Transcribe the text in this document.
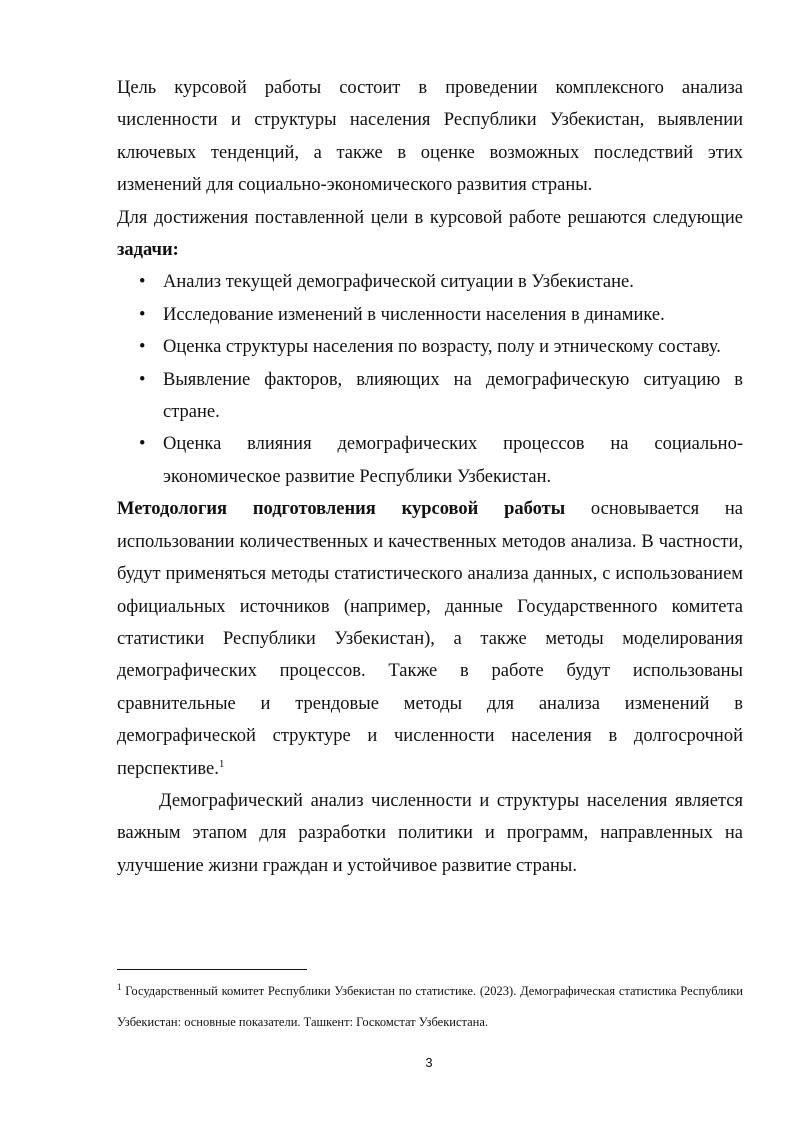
Цель курсовой работы состоит в проведении комплексного анализа численности и структуры населения Республики Узбекистан, выявлении ключевых тенденций, а также в оценке возможных последствий этих изменений для социально-экономического развития страны.

Для достижения поставленной цели в курсовой работе решаются следующие задачи:

• Анализ текущей демографической ситуации в Узбекистане.
• Исследование изменений в численности населения в динамике.
• Оценка структуры населения по возрасту, полу и этническому составу.
• Выявление факторов, влияющих на демографическую ситуацию в стране.
• Оценка влияния демографических процессов на социально-экономическое развитие Республики Узбекистан.

Методология подготовления курсовой работы основывается на использовании количественных и качественных методов анализа. В частности, будут применяться методы статистического анализа данных, с использованием официальных источников (например, данные Государственного комитета статистики Республики Узбекистан), а также методы моделирования демографических процессов. Также в работе будут использованы сравнительные и трендовые методы для анализа изменений в демографической структуре и численности населения в долгосрочной перспективе.$^1$

Демографический анализ численности и структуры населения является важным этапом для разработки политики и программ, направленных на улучшение жизни граждан и устойчивое развитие страны.

$^1$ Государственный комитет Республики Узбекистан по статистике. (2023). Демографическая статистика Республики Узбекистан: основные показатели. Ташкент: Госкомстат Узбекистана.
3
